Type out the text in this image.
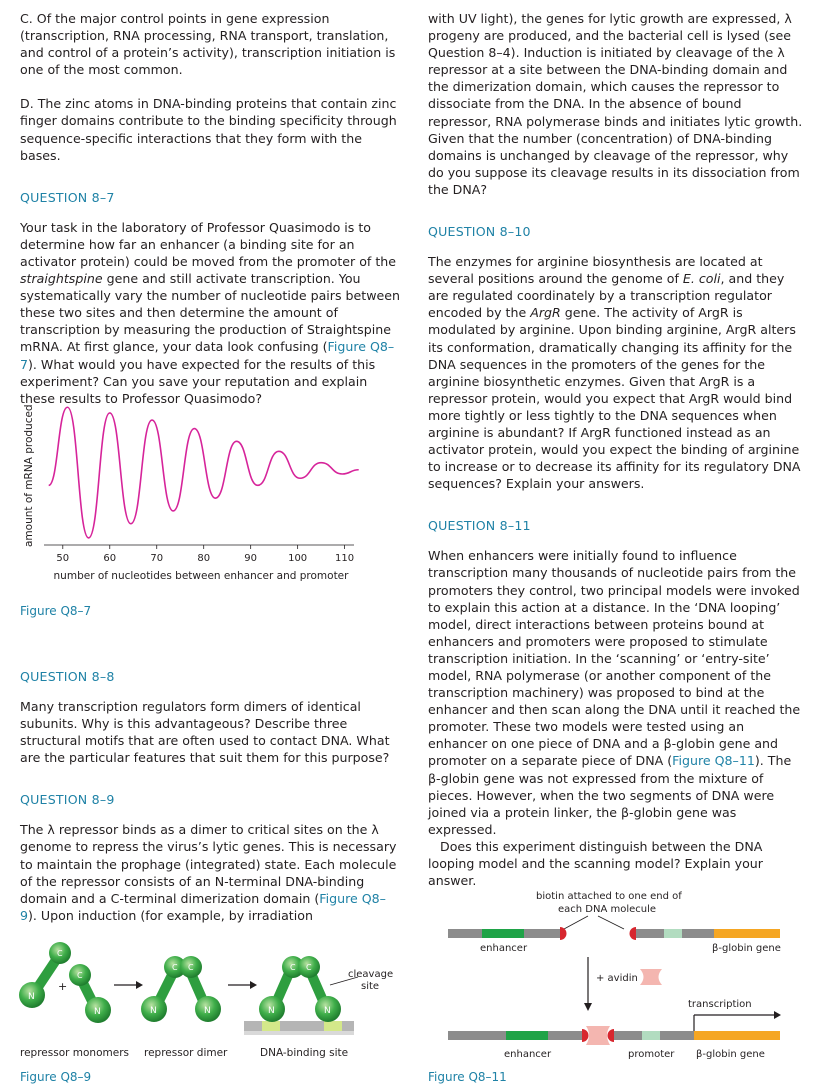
C. Of the major control points in gene expression (transcription, RNA processing, RNA transport, translation, and control of a protein’s activity), transcription initiation is one of the most common.

D. The zinc atoms in DNA-binding proteins that contain zinc finger domains contribute to the binding specificity through sequence-specific interactions that they form with the bases.

QUESTION 8–7

Your task in the laboratory of Professor Quasimodo is to determine how far an enhancer (a binding site for an activator protein) could be moved from the promoter of the straightspine gene and still activate transcription. You systematically vary the number of nucleotide pairs between these two sites and then determine the amount of transcription by measuring the production of Straightspine mRNA. At first glance, your data look confusing (Figure Q8–7). What would you have expected for the results of this experiment? Can you save your reputation and explain these results to Professor Quasimodo?

50	60	70	80	90	100	110
amount of mRNA produced
number of nucleotides between enhancer and promoter

Figure Q8–7

QUESTION 8–8

Many transcription regulators form dimers of identical subunits. Why is this advantageous? Describe three structural motifs that are often used to contact DNA. What are the particular features that suit them for this purpose?

QUESTION 8–9

The λ repressor binds as a dimer to critical sites on the λ genome to repress the virus’s lytic genes. This is necessary to maintain the prophage (integrated) state. Each molecule of the repressor consists of an N-terminal DNA-binding domain and a C-terminal dimerization domain (Figure Q8–9). Upon induction (for example, by irradiation

N
C
+
C
N	N
C C
N	N
C C
N
cleavage
site
repressor monomers repressor dimer	DNA-binding site

Figure Q8–9

with UV light), the genes for lytic growth are expressed, λ progeny are produced, and the bacterial cell is lysed (see Question 8–4). Induction is initiated by cleavage of the λ repressor at a site between the DNA-binding domain and the dimerization domain, which causes the repressor to dissociate from the DNA. In the absence of bound repressor, RNA polymerase binds and initiates lytic growth. Given that the number (concentration) of DNA-binding domains is unchanged by cleavage of the repressor, why do you suppose its cleavage results in its dissociation from the DNA?

QUESTION 8–10

The enzymes for arginine biosynthesis are located at several positions around the genome of E. coli, and they are regulated coordinately by a transcription regulator encoded by the ArgR gene. The activity of ArgR is modulated by arginine. Upon binding arginine, ArgR alters its conformation, dramatically changing its affinity for the DNA sequences in the promoters of the genes for the arginine biosynthetic enzymes. Given that ArgR is a repressor protein, would you expect that ArgR would bind more tightly or less tightly to the DNA sequences when arginine is abundant? If ArgR functioned instead as an activator protein, would you expect the binding of arginine to increase or to decrease its affinity for its regulatory DNA sequences? Explain your answers.

QUESTION 8–11

When enhancers were initially found to influence transcription many thousands of nucleotide pairs from the promoters they control, two principal models were invoked to explain this action at a distance. In the ‘DNA looping’ model, direct interactions between proteins bound at enhancers and promoters were proposed to stimulate transcription initiation. In the ‘scanning’ or ‘entry-site’ model, RNA polymerase (or another component of the transcription machinery) was proposed to bind at the enhancer and then scan along the DNA until it reached the promoter. These two models were tested using an enhancer on one piece of DNA and a β-globin gene and promoter on a separate piece of DNA (Figure Q8–11). The β-globin gene was not expressed from the mixture of pieces. However, when the two segments of DNA were joined via a protein linker, the β-globin gene was expressed.

Does this experiment distinguish between the DNA looping model and the scanning model? Explain your answer.

biotin attached to one end of
each DNA molecule
enhancer	β-globin gene
+ avidin
transcription
enhancer	promoter β-globin gene

Figure Q8–11
